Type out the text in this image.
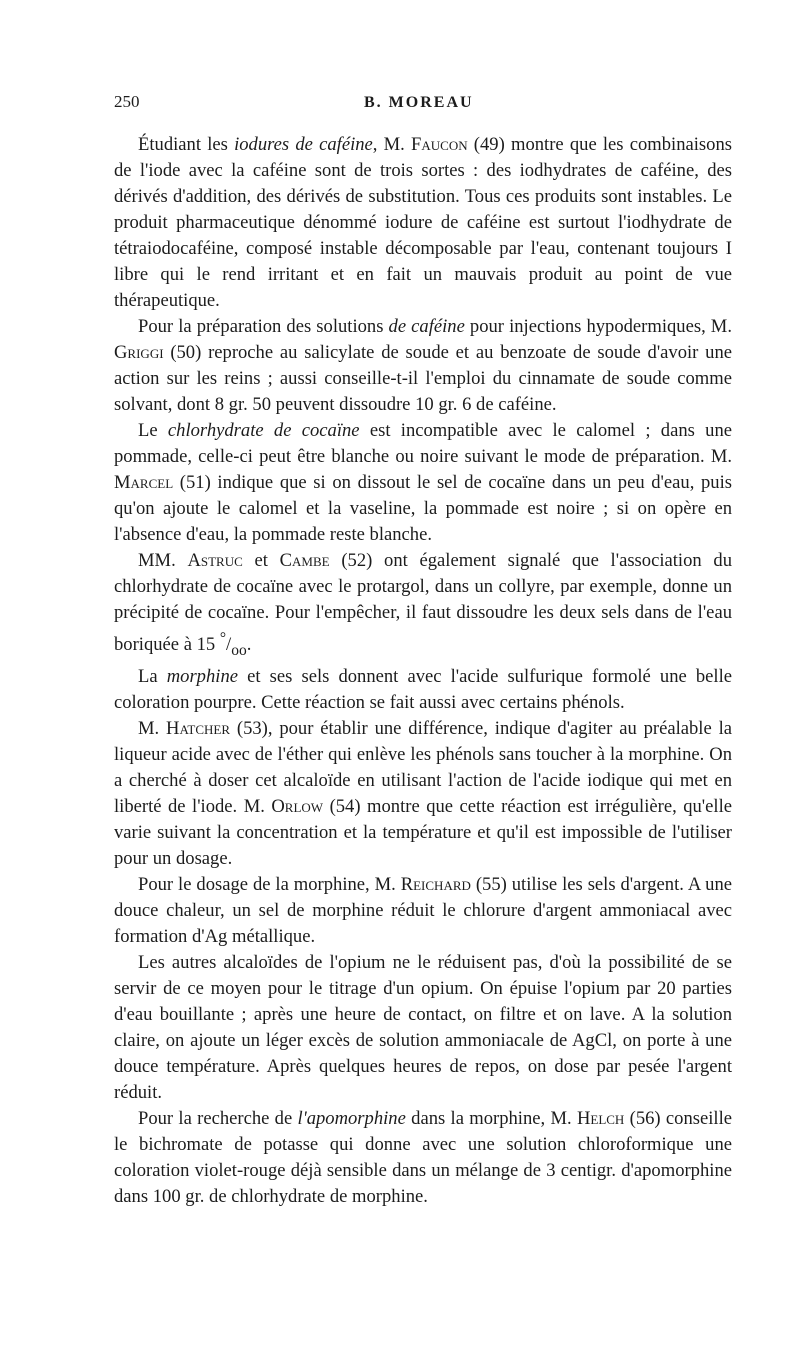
250	B. MOREAU

Étudiant les iodures de caféine, M. Faucon (49) montre que les combinaisons de l'iode avec la caféine sont de trois sortes : des iodhydrates de caféine, des dérivés d'addition, des dérivés de substitution. Tous ces produits sont instables. Le produit pharmaceutique dénommé iodure de caféine est surtout l'iodhydrate de tétraiodocaféine, composé instable décomposable par l'eau, contenant toujours I libre qui le rend irritant et en fait un mauvais produit au point de vue thérapeutique.

Pour la préparation des solutions de caféine pour injections hypodermiques, M. Griggi (50) reproche au salicylate de soude et au benzoate de soude d'avoir une action sur les reins ; aussi conseille-t-il l'emploi du cinnamate de soude comme solvant, dont 8 gr. 50 peuvent dissoudre 10 gr. 6 de caféine.

Le chlorhydrate de cocaïne est incompatible avec le calomel ; dans une pommade, celle-ci peut être blanche ou noire suivant le mode de préparation. M. Marcel (51) indique que si on dissout le sel de cocaïne dans un peu d'eau, puis qu'on ajoute le calomel et la vaseline, la pommade est noire ; si on opère en l'absence d'eau, la pommade reste blanche.

MM. Astruc et Cambe (52) ont également signalé que l'association du chlorhydrate de cocaïne avec le protargol, dans un collyre, par exemple, donne un précipité de cocaïne. Pour l'empêcher, il faut dissoudre les deux sels dans de l'eau boriquée à 15 $^\circ/_{oo}$.

La morphine et ses sels donnent avec l'acide sulfurique formolé une belle coloration pourpre. Cette réaction se fait aussi avec certains phénols.

M. Hatcher (53), pour établir une différence, indique d'agiter au préalable la liqueur acide avec de l'éther qui enlève les phénols sans toucher à la morphine. On a cherché à doser cet alcaloïde en utilisant l'action de l'acide iodique qui met en liberté de l'iode. M. Orlow (54) montre que cette réaction est irrégulière, qu'elle varie suivant la concentration et la température et qu'il est impossible de l'utiliser pour un dosage.

Pour le dosage de la morphine, M. Reichard (55) utilise les sels d'argent. A une douce chaleur, un sel de morphine réduit le chlorure d'argent ammoniacal avec formation d'Ag métallique.

Les autres alcaloïdes de l'opium ne le réduisent pas, d'où la possibilité de se servir de ce moyen pour le titrage d'un opium. On épuise l'opium par 20 parties d'eau bouillante ; après une heure de contact, on filtre et on lave. A la solution claire, on ajoute un léger excès de solution ammoniacale de AgCl, on porte à une douce température. Après quelques heures de repos, on dose par pesée l'argent réduit.

Pour la recherche de l'apomorphine dans la morphine, M. Helch (56) conseille le bichromate de potasse qui donne avec une solution chloroformique une coloration violet-rouge déjà sensible dans un mélange de 3 centigr. d'apomorphine dans 100 gr. de chlorhydrate de morphine.
